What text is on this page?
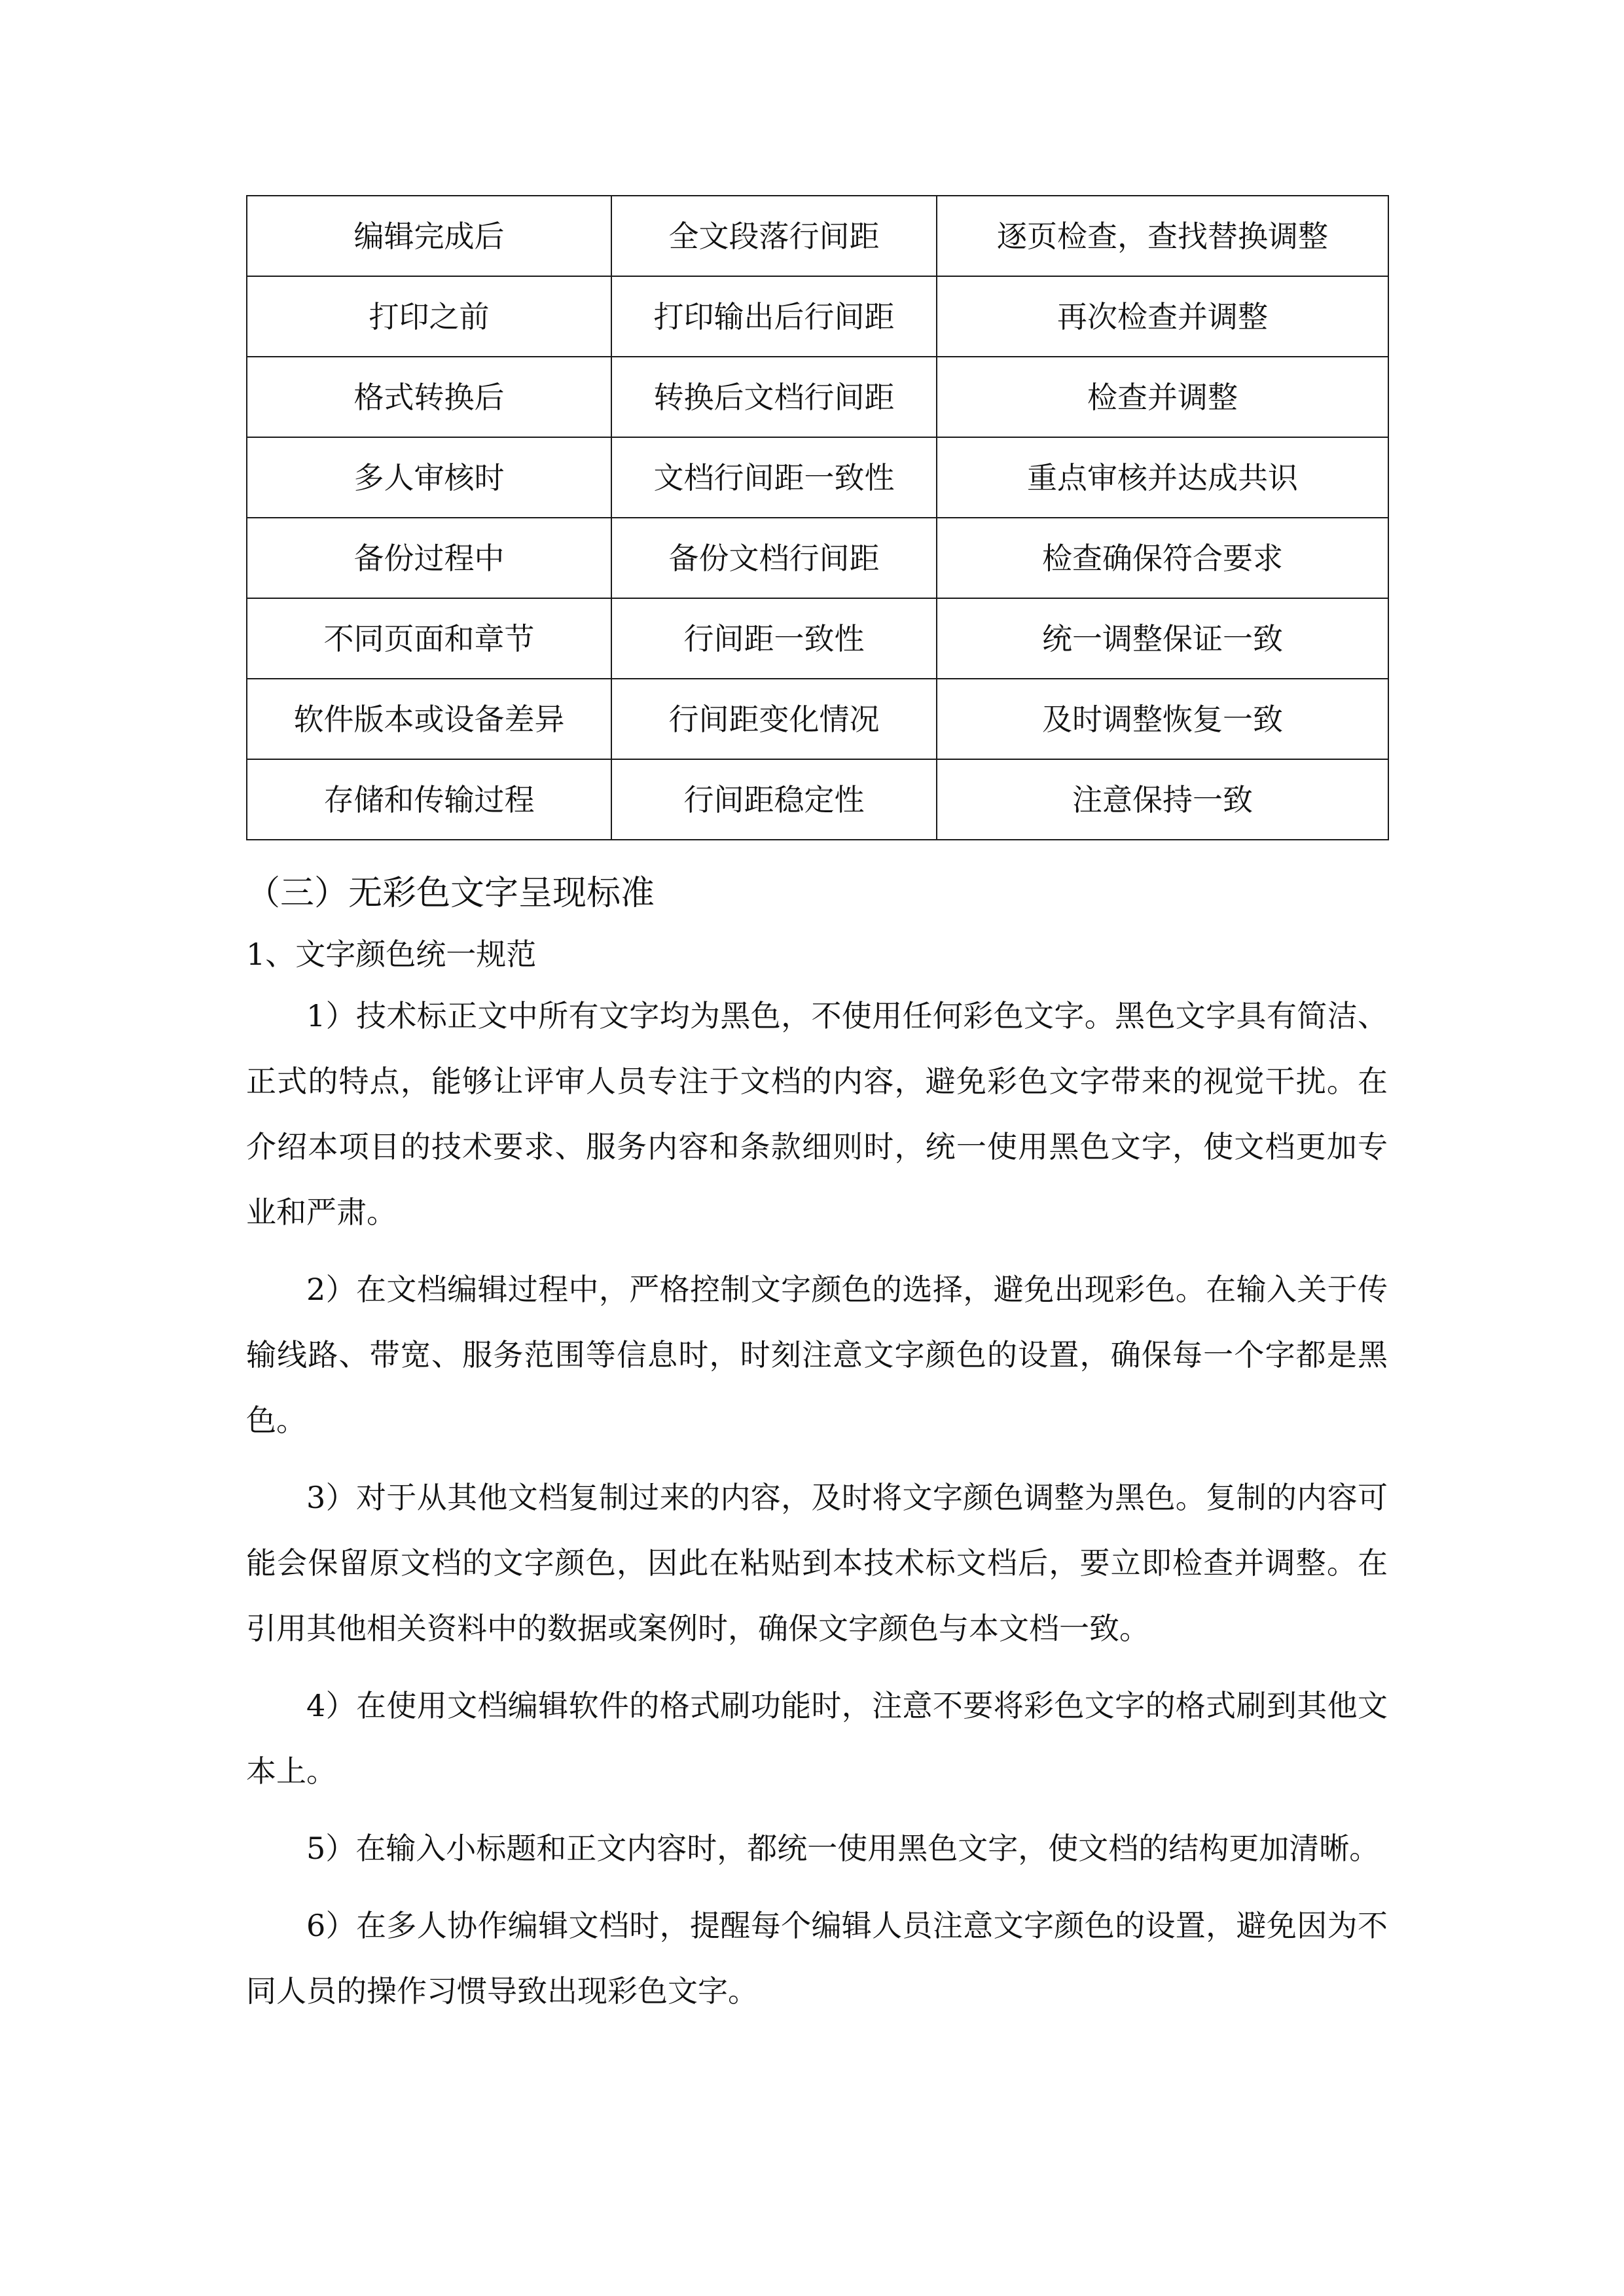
编辑完成后	全文段落行间距	逐页检查，查找替换调整
打印之前	打印输出后行间距	再次检查并调整
格式转换后	转换后文档行间距	检查并调整
多人审核时	文档行间距一致性	重点审核并达成共识
备份过程中	备份文档行间距	检查确保符合要求
不同页面和章节	行间距一致性	统一调整保证一致
软件版本或设备差异	行间距变化情况	及时调整恢复一致
存储和传输过程	行间距稳定性	注意保持一致
（三）无彩色文字呈现标准
1、文字颜色统一规范

1）技术标正文中所有文字均为黑色，不使用任何彩色文字。黑色文字具有简洁、正式的特点，能够让评审人员专注于文档的内容，避免彩色文字带来的视觉干扰。在介绍本项目的技术要求、服务内容和条款细则时，统一使用黑色文字，使文档更加专业和严肃。

2）在文档编辑过程中，严格控制文字颜色的选择，避免出现彩色。在输入关于传输线路、带宽、服务范围等信息时，时刻注意文字颜色的设置，确保每一个字都是黑色。

3）对于从其他文档复制过来的内容，及时将文字颜色调整为黑色。复制的内容可能会保留原文档的文字颜色，因此在粘贴到本技术标文档后，要立即检查并调整。在引用其他相关资料中的数据或案例时，确保文字颜色与本文档一致。

4）在使用文档编辑软件的格式刷功能时，注意不要将彩色文字的格式刷到其他文本上。

5）在输入小标题和正文内容时，都统一使用黑色文字，使文档的结构更加清晰。

6）在多人协作编辑文档时，提醒每个编辑人员注意文字颜色的设置，避免因为不同人员的操作习惯导致出现彩色文字。
